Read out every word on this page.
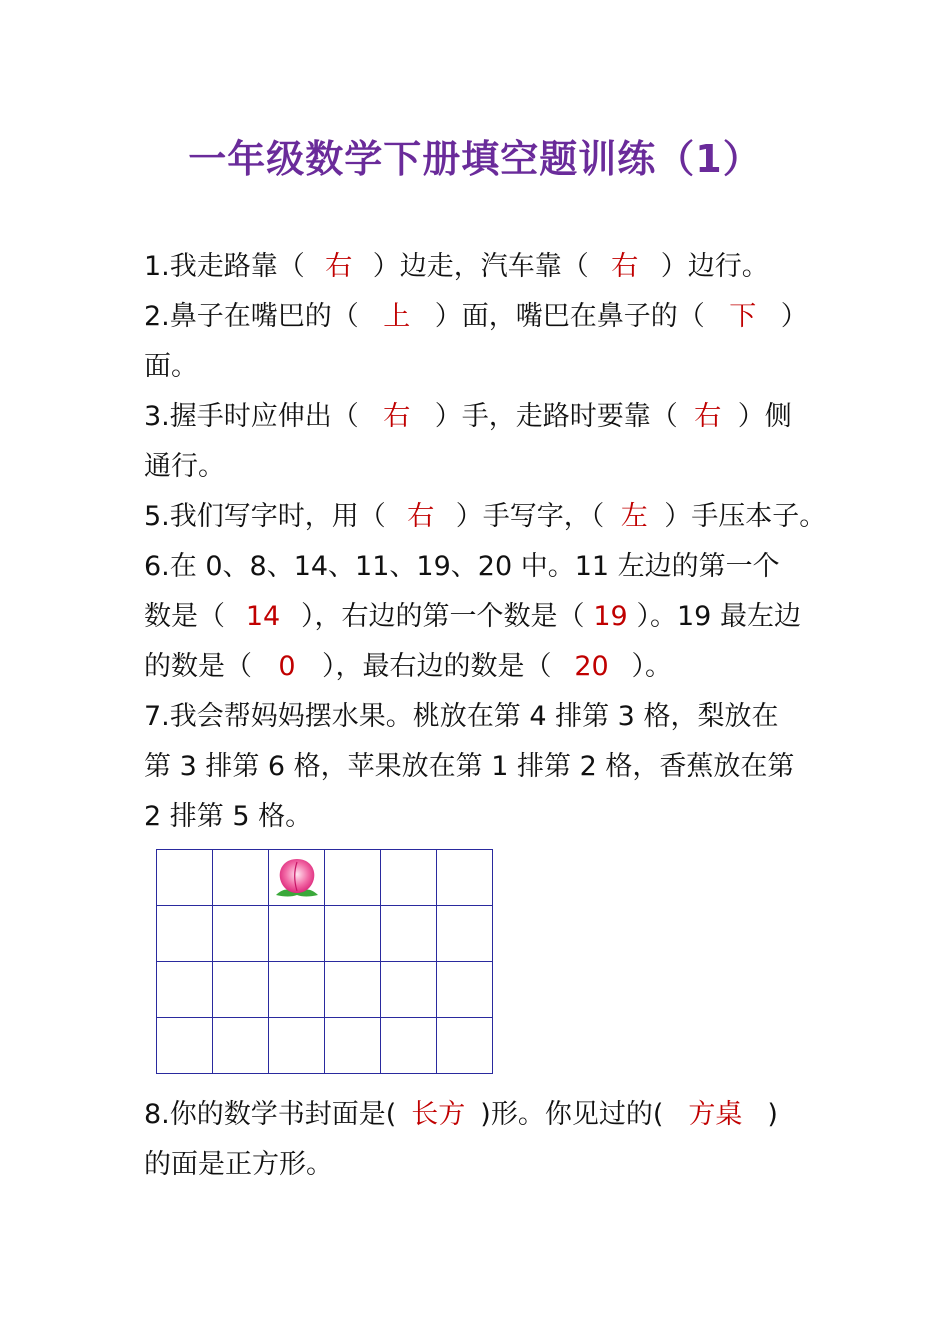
一年级数学下册填空题训练（1）
1.我走路靠（ 右 ）边走，汽车靠（ 右 ）边行。
2.鼻子在嘴巴的（ 上 ）面，嘴巴在鼻子的（ 下 ）
面。
3.握手时应伸出（ 右 ）手，走路时要靠（ 右 ）侧
通行。
5.我们写字时，用（ 右 ）手写字，（ 左 ）手压本子。
6.在 0、8、14、11、19、20 中。11 左边的第一个
数是（ 14 ），右边的第一个数是（ 19 ）。19 最左边
的数是（ 0 ），最右边的数是（ 20 ）。
7.我会帮妈妈摆水果。桃放在第 4 排第 3 格，梨放在
第 3 排第 6 格，苹果放在第 1 排第 2 格，香蕉放在第
2 排第 5 格。

8.你的数学书封面是( 长方 )形。你见过的( 方桌 )
的面是正方形。
